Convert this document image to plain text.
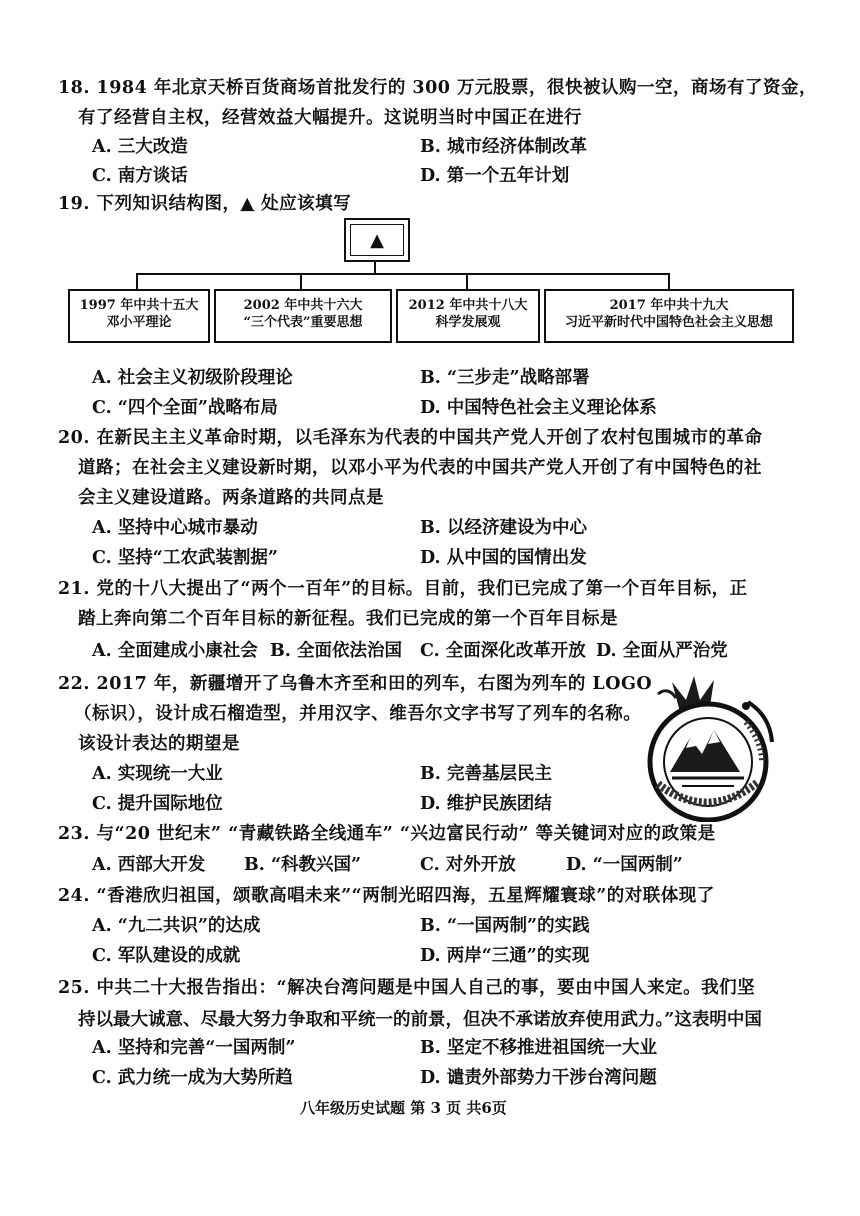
18. 1984 年北京天桥百货商场首批发行的 300 万元股票，很快被认购一空，商场有了资金，
有了经营自主权，经营效益大幅提升。这说明当时中国正在进行
A. 三大改造	B. 城市经济体制改革
C. 南方谈话	D. 第一个五年计划
19. 下列知识结构图，▲ 处应该填写
▲
1997 年中共十五大
邓小平理论
2002 年中共十六大
“三个代表”重要思想
2012 年中共十八大
科学发展观
2017 年中共十九大
习近平新时代中国特色社会主义思想
A. 社会主义初级阶段理论	B. “三步走”战略部署
C. “四个全面”战略布局	D. 中国特色社会主义理论体系
20. 在新民主主义革命时期，以毛泽东为代表的中国共产党人开创了农村包围城市的革命
道路；在社会主义建设新时期，以邓小平为代表的中国共产党人开创了有中国特色的社
会主义建设道路。两条道路的共同点是
A. 坚持中心城市暴动	B. 以经济建设为中心
C. 坚持“工农武装割据”	D. 从中国的国情出发
21. 党的十八大提出了“两个一百年”的目标。目前，我们已完成了第一个百年目标，正
踏上奔向第二个百年目标的新征程。我们已完成的第一个百年目标是
A. 全面建成小康社会 B. 全面依法治国 C. 全面深化改革开放 D. 全面从严治党
22. 2017 年，新疆增开了乌鲁木齐至和田的列车，右图为列车的 LOGO
（标识），设计成石榴造型，并用汉字、维吾尔文字书写了列车的名称。
该设计表达的期望是
A. 实现统一大业	B. 完善基层民主
C. 提升国际地位	D. 维护民族团结
23. 与“20 世纪末” “青藏铁路全线通车” “兴边富民行动” 等关键词对应的政策是
A. 西部大开发 B. “科教兴国”	C. 对外开放	D. “一国两制”
24. “香港欣归祖国，颂歌高唱未来”“两制光昭四海，五星辉耀寰球”的对联体现了
A. “九二共识”的达成	B. “一国两制”的实践
C. 军队建设的成就	D. 两岸“三通”的实现
25. 中共二十大报告指出：“解决台湾问题是中国人自己的事，要由中国人来定。我们坚
持以最大诚意、尽最大努力争取和平统一的前景，但决不承诺放弃使用武力。”这表明中国
A. 坚持和完善“一国两制”	B. 坚定不移推进祖国统一大业
C. 武力统一成为大势所趋	D. 谴责外部势力干涉台湾问题
八年级历史试题 第 3 页 共6页
